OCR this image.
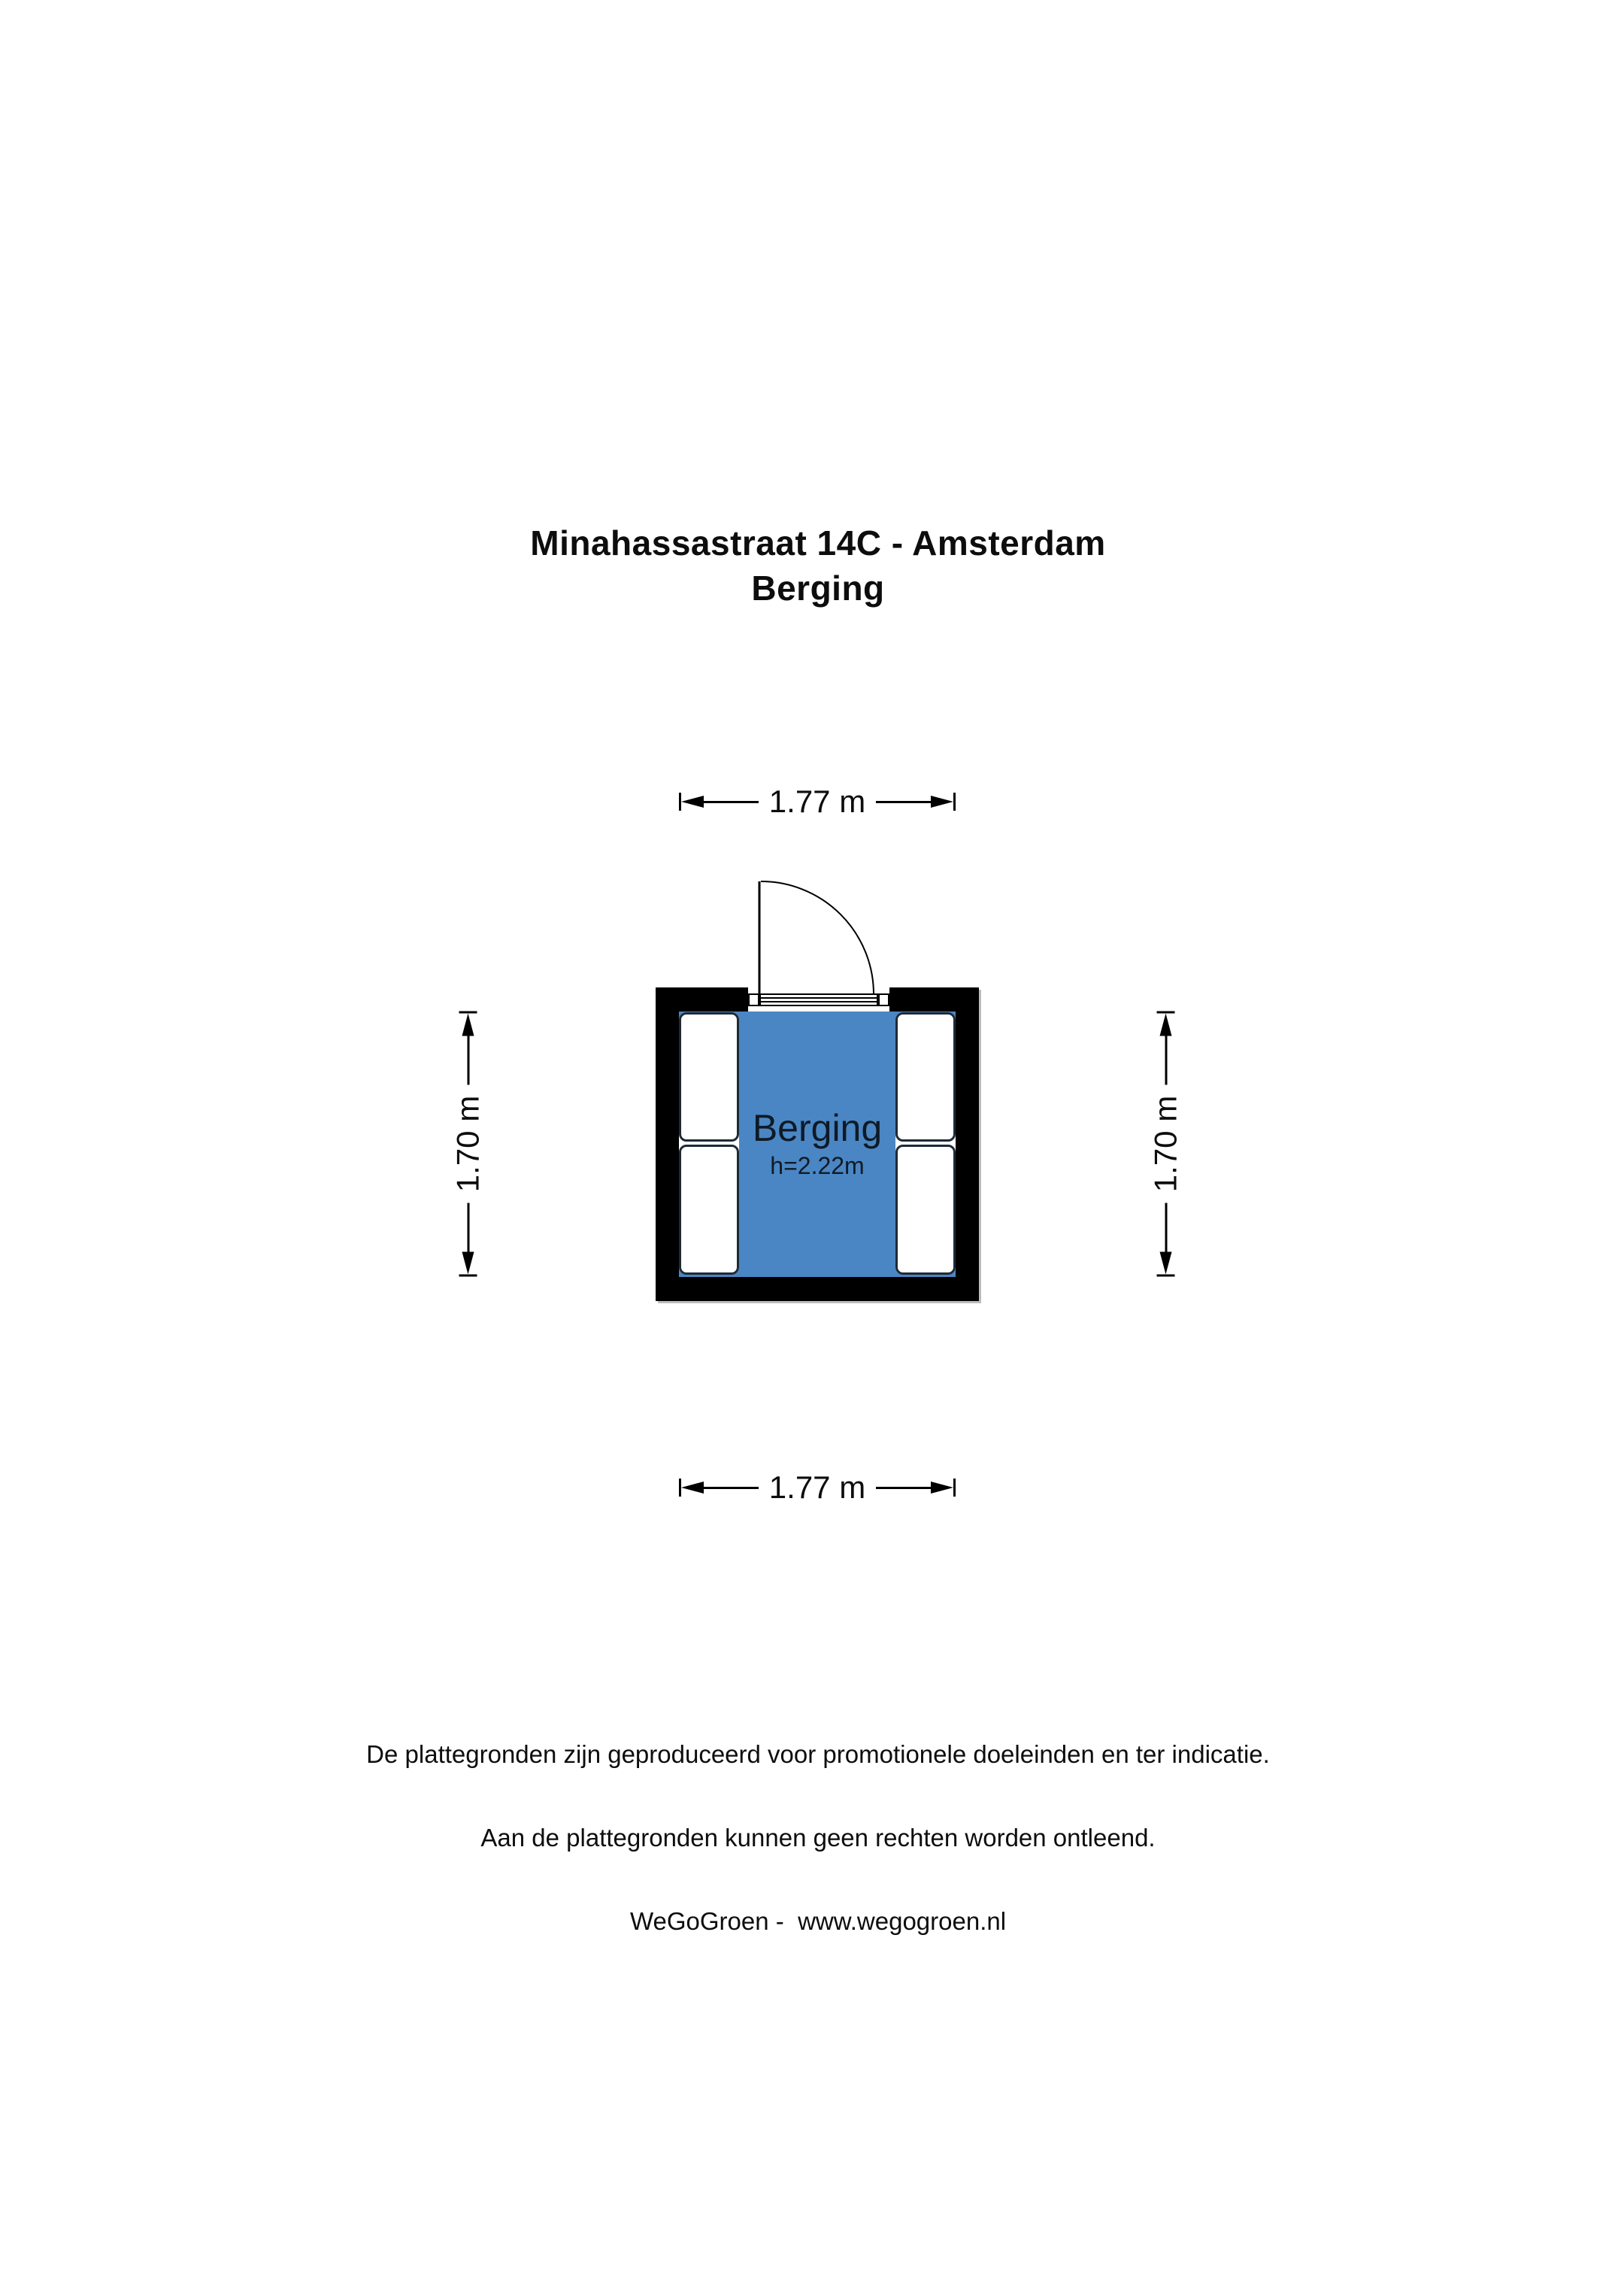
Minahassastraat 14C - Amsterdam
Berging
1.77 m
1.70 m	1.70 m
Berging
h=2.22m
1.77 m

De plattegronden zijn geproduceerd voor promotionele doeleinden en ter indicatie.

Aan de plattegronden kunnen geen rechten worden ontleend.

WeGoGroen -  www.wegogroen.nl
